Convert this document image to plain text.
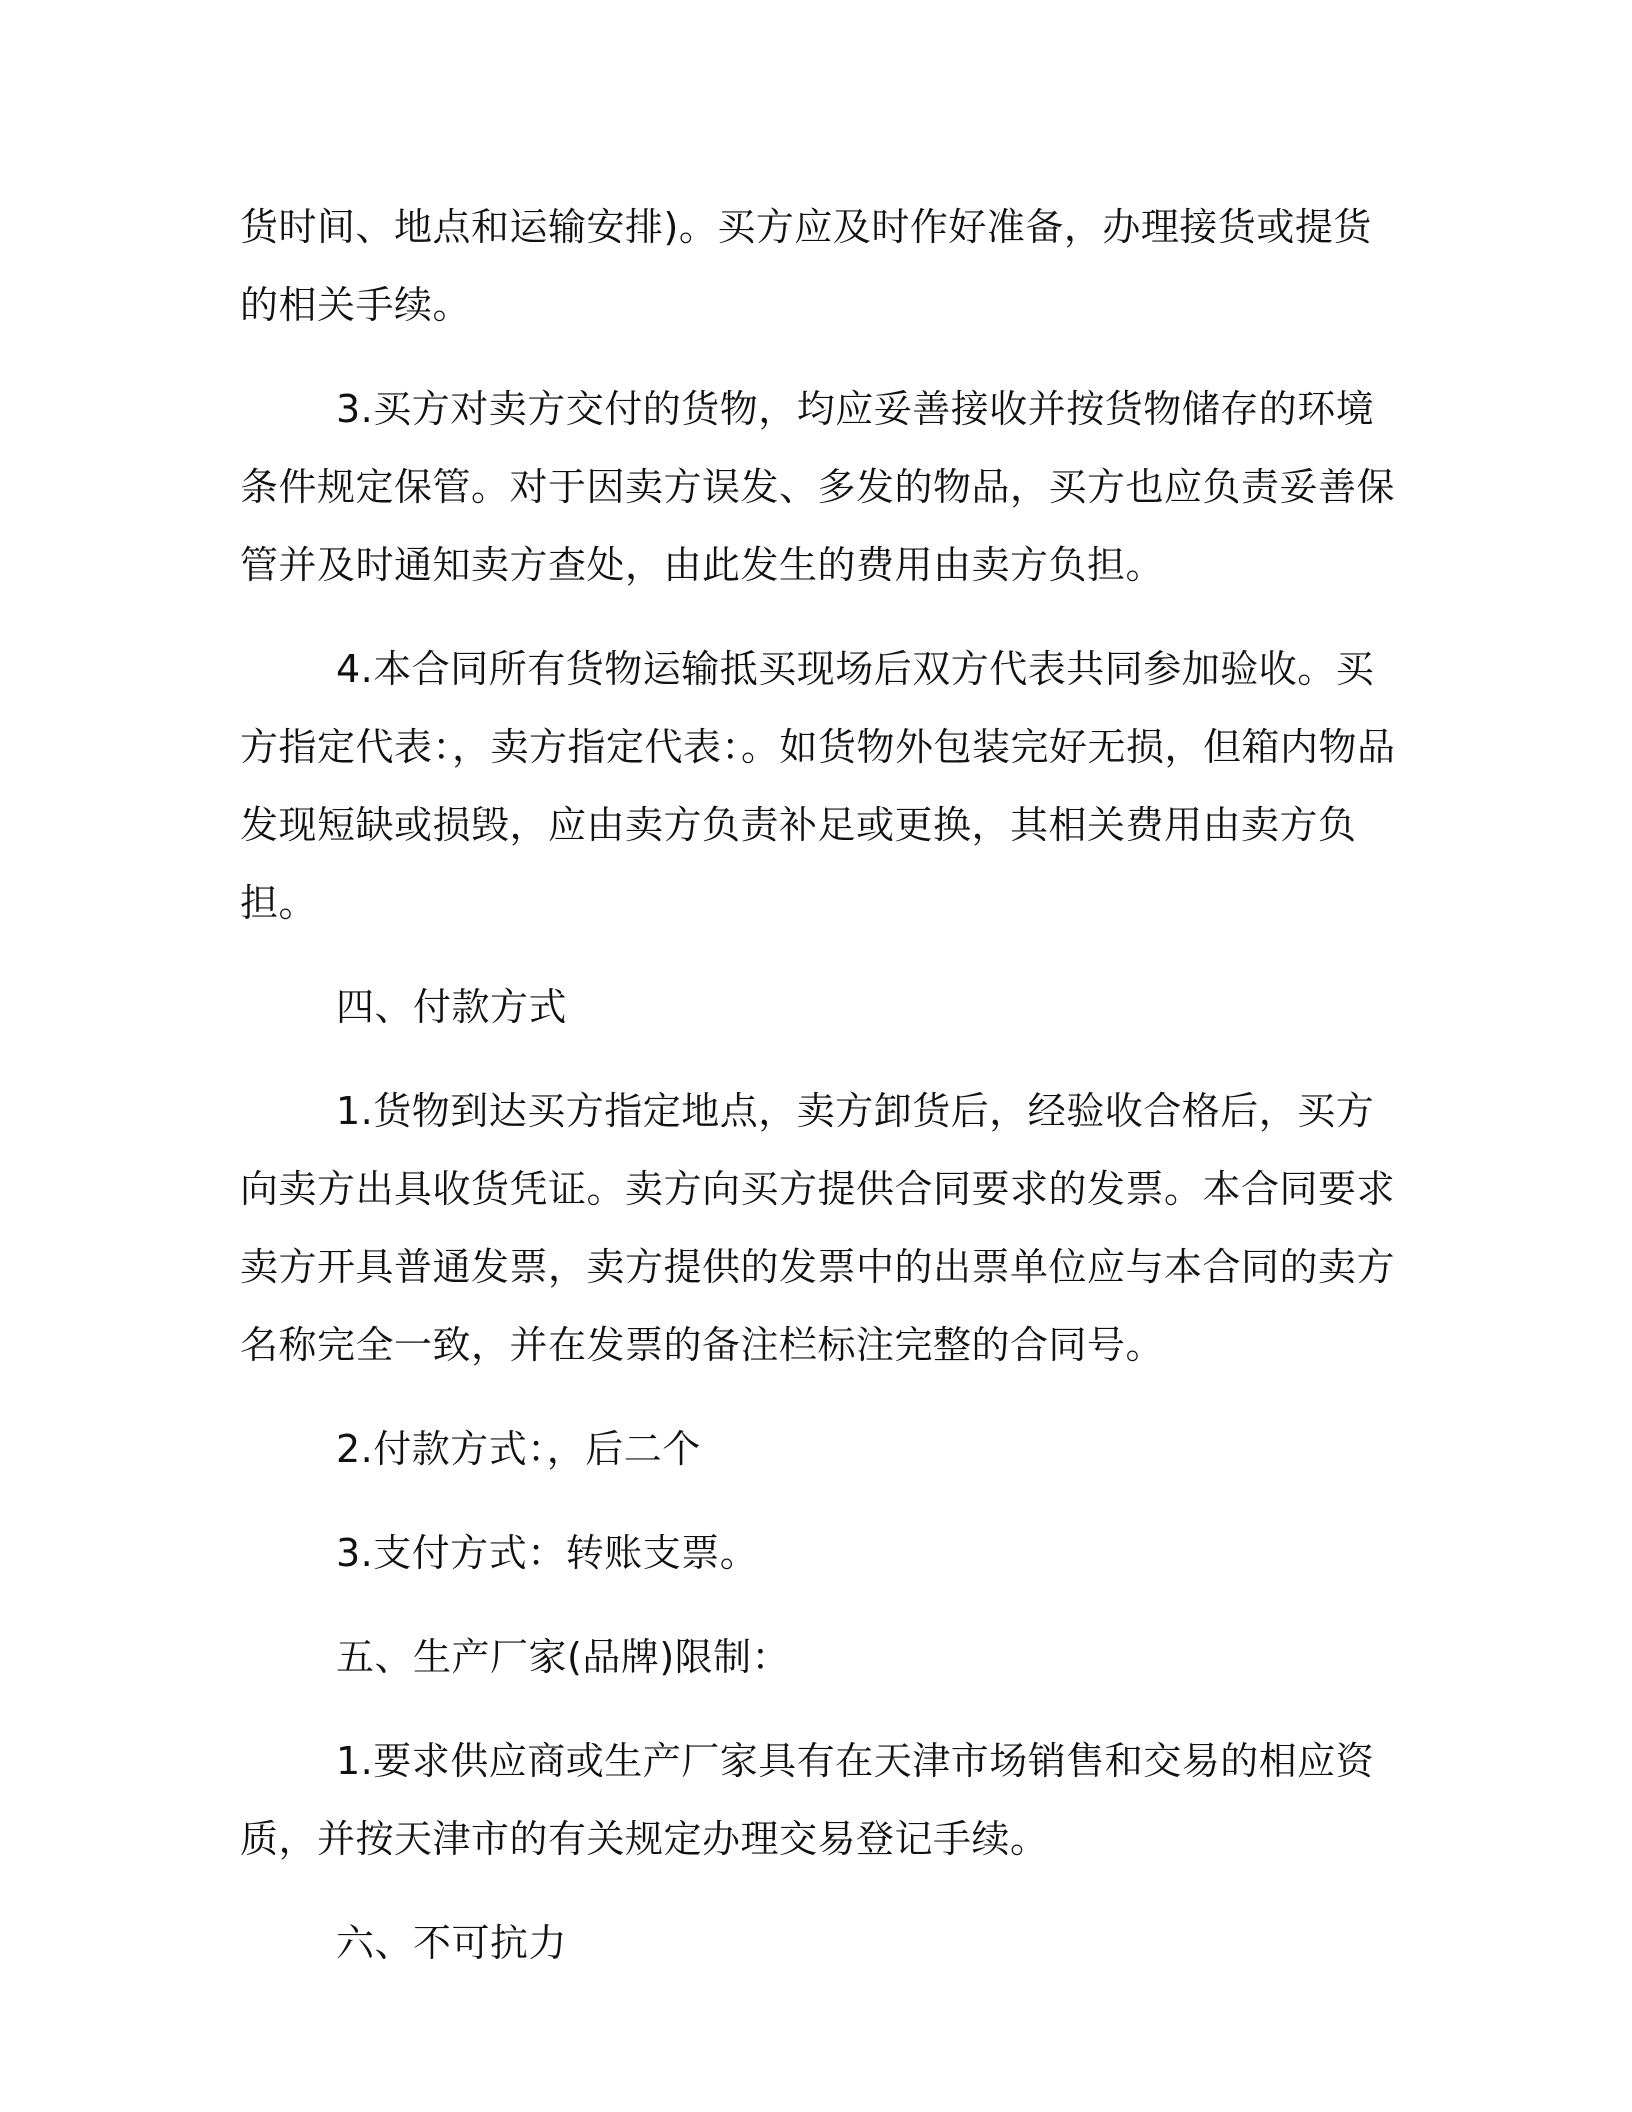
货时间、地点和运输安排)。买方应及时作好准备，办理接货或提货的相关手续。

3.买方对卖方交付的货物，均应妥善接收并按货物储存的环境条件规定保管。对于因卖方误发、多发的物品，买方也应负责妥善保管并及时通知卖方查处，由此发生的费用由卖方负担。

4.本合同所有货物运输抵买现场后双方代表共同参加验收。买方指定代表：，卖方指定代表：。如货物外包装完好无损，但箱内物品发现短缺或损毁，应由卖方负责补足或更换，其相关费用由卖方负担。

四、付款方式

1.货物到达买方指定地点，卖方卸货后，经验收合格后，买方向卖方出具收货凭证。卖方向买方提供合同要求的发票。本合同要求卖方开具普通发票，卖方提供的发票中的出票单位应与本合同的卖方名称完全一致，并在发票的备注栏标注完整的合同号。

2.付款方式：，后二个

3.支付方式：转账支票。

五、生产厂家(品牌)限制：

1.要求供应商或生产厂家具有在天津市场销售和交易的相应资质，并按天津市的有关规定办理交易登记手续。

六、不可抗力
